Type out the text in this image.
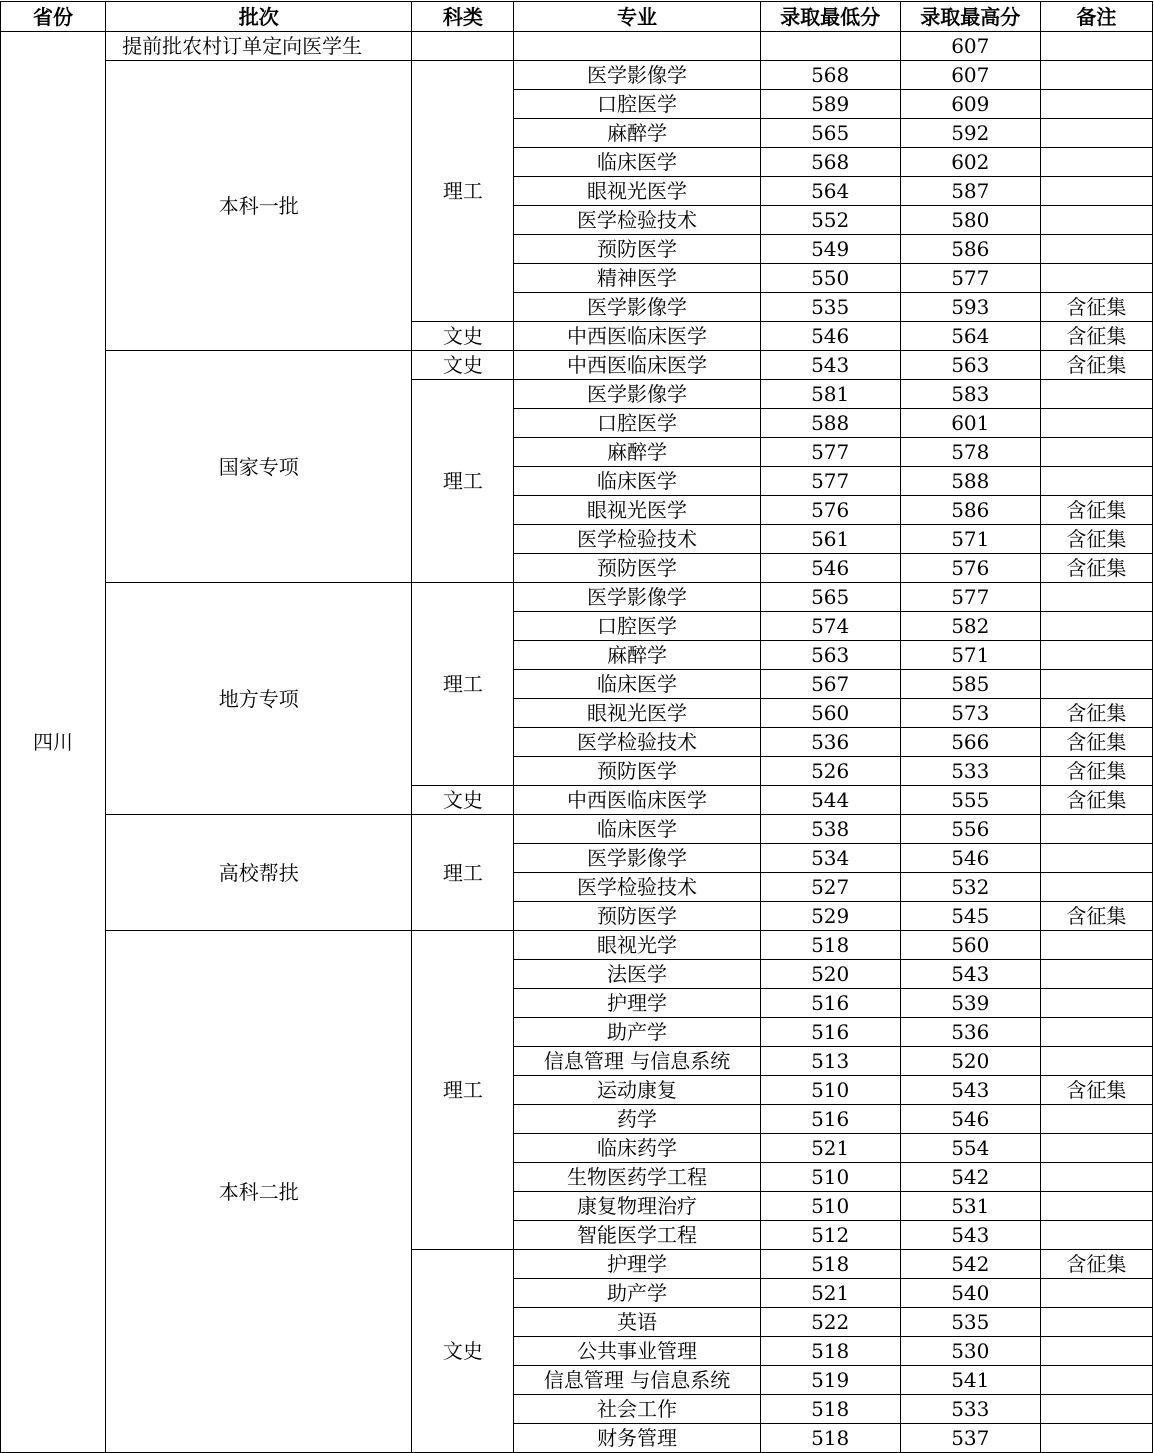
省份	批次	科类	专业	录取最低分	录取最高分	备注
四川	提前批农村订单定向医学生				607	
	本科一批	理工	医学影像学	568	607	
			口腔医学	589	609	
			麻醉学	565	592	
			临床医学	568	602	
			眼视光医学	564	587	
			医学检验技术	552	580	
			预防医学	549	586	
			精神医学	550	577	
			医学影像学	535	593	含征集
		文史	中西医临床医学	546	564	含征集
	国家专项	文史	中西医临床医学	543	563	含征集
		理工	医学影像学	581	583	
			口腔医学	588	601	
			麻醉学	577	578	
			临床医学	577	588	
			眼视光医学	576	586	含征集
			医学检验技术	561	571	含征集
			预防医学	546	576	含征集
	地方专项	理工	医学影像学	565	577	
			口腔医学	574	582	
			麻醉学	563	571	
			临床医学	567	585	
			眼视光医学	560	573	含征集
			医学检验技术	536	566	含征集
			预防医学	526	533	含征集
		文史	中西医临床医学	544	555	含征集
	高校帮扶	理工	临床医学	538	556	
			医学影像学	534	546	
			医学检验技术	527	532	
			预防医学	529	545	含征集
	本科二批	理工	眼视光学	518	560	
			法医学	520	543	
			护理学	516	539	
			助产学	516	536	
			信息管理 与信息系统	513	520	
			运动康复	510	543	含征集
			药学	516	546	
			临床药学	521	554	
			生物医药学工程	510	542	
			康复物理治疗	510	531	
			智能医学工程	512	543	
		文史	护理学	518	542	含征集
			助产学	521	540	
			英语	522	535	
			公共事业管理	518	530	
			信息管理 与信息系统	519	541	
			社会工作	518	533	
			财务管理	518	537	
